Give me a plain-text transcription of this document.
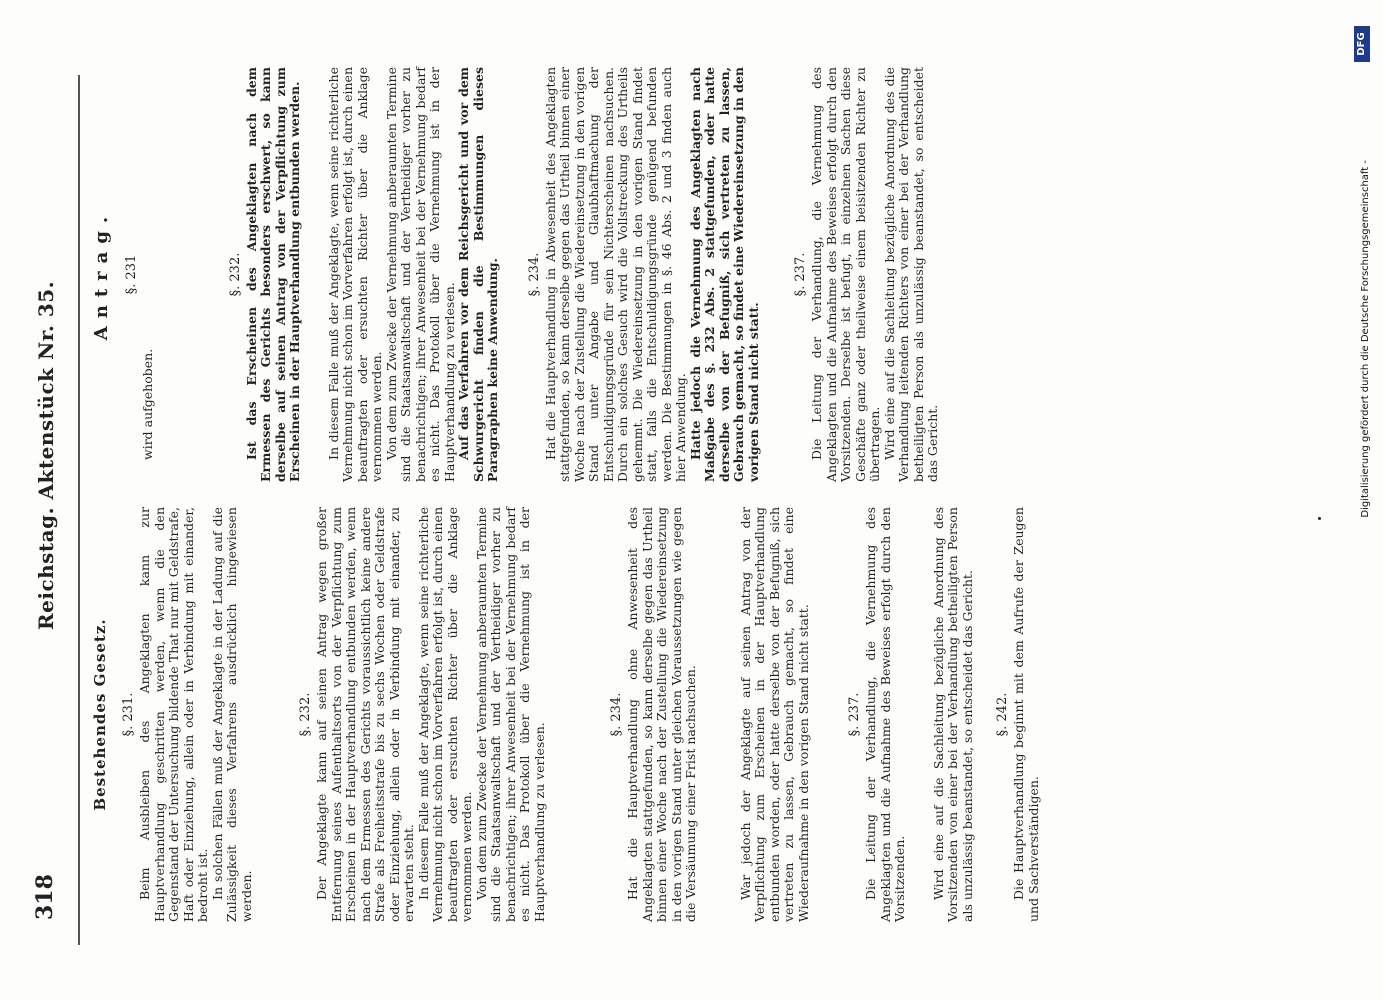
318
Reichstag. Aktenstück Nr. 35.
Bestehendes Gesetz. §. 231. Beim Ausbleiben des Angeklagten kann zur Hauptverhandlung geschritten werden, wenn die den Gegenstand der Untersuchung bildende That nur mit Geldstrafe, Haft oder Einziehung, allein oder in Verbindung mit einander, bedroht ist. In solchen Fällen muß der Angeklagte in der Ladung auf die Zulässigkeit dieses Verfahrens ausdrücklich hingewiesen werden.

§. 232. Der Angeklagte kann auf seinen Antrag wegen großer Entfernung seines Aufenthaltsorts von der Verpflichtung zum Erscheinen in der Hauptverhandlung entbunden werden, wenn nach dem Ermessen des Gerichts voraussichtlich keine andere Strafe als Freiheitsstrafe bis zu sechs Wochen oder Geldstrafe oder Einziehung, allein oder in Verbindung mit einander, zu erwarten steht. In diesem Falle muß der Angeklagte, wenn seine richterliche Vernehmung nicht schon im Vorverfahren erfolgt ist, durch einen beauftragten oder ersuchten Richter über die Anklage vernommen werden. Von dem zum Zwecke der Vernehmung anberaumten Termine sind die Staatsanwaltschaft und der Vertheidiger vorher zu benachrichtigen; ihrer Anwesenheit bei der Vernehmung bedarf es nicht. Das Protokoll über die Vernehmung ist in der Hauptverhandlung zu verlesen.

§. 234. Hat die Hauptverhandlung ohne Anwesenheit des Angeklagten stattgefunden, so kann derselbe gegen das Urtheil binnen einer Woche nach der Zustellung die Wiedereinsetzung in den vorigen Stand unter gleichen Voraussetzungen wie gegen die Versäumung einer Frist nachsuchen.	War jedoch der Angeklagte auf seinen Antrag von der Verpflichtung zum Erscheinen in der Hauptverhandlung entbunden worden, oder hatte derselbe von der Befugniß, sich vertreten zu lassen, Gebrauch gemacht, so findet eine Wiederaufnahme in den vorigen Stand nicht statt.	§. 237. Die Leitung der Verhandlung, die Vernehmung des Angeklagten und die Aufnahme des Beweises erfolgt durch den Vorsitzenden. Wird eine auf die Sachleitung bezügliche Anordnung des Vorsitzenden von einer bei der Verhandlung betheiligten Person als unzulässig beanstandet, so entscheidet das Gericht. §. 242. Die Hauptverhandlung beginnt mit dem Aufrufe der Zeugen und Sachverständigen.

Antrag. §. 231

wird aufgehoben.

§. 232. Ist das Erscheinen des Angeklagten nach dem Ermessen des Gerichts besonders erschwert, so kann derselbe auf seinen Antrag von der Verpflichtung zum Erscheinen in der Hauptverhandlung entbunden werden. In diesem Falle muß der Angeklagte, wenn seine richterliche Vernehmung nicht schon im Vorverfahren erfolgt ist, durch einen beauftragten oder ersuchten Richter über die Anklage vernommen werden. Von dem zum Zwecke der Vernehmung anberaumten Termine sind die Staatsanwaltschaft und der Vertheidiger vorher zu benachrichtigen; ihrer Anwesenheit bei der Vernehmung bedarf es nicht. Das Protokoll über die Vernehmung ist in der Hauptverhandlung zu verlesen. Auf das Verfahren vor dem Reichsgericht und vor dem Schwurgericht finden die Bestimmungen dieses Paragraphen keine Anwendung. §. 234. Hat die Hauptverhandlung in Abwesenheit des Angeklagten stattgefunden, so kann derselbe gegen das Urtheil binnen einer Woche nach der Zustellung die Wiedereinsetzung in den vorigen Stand unter Angabe und Glaubhaftmachung der Entschuldigungsgründe für sein Nichterscheinen nachsuchen. Durch ein solches Gesuch wird die Vollstreckung des Urtheils gehemmt. Die Wiedereinsetzung in den vorigen Stand findet statt, falls die Entschuldigungsgründe genügend befunden werden. Die Bestimmungen in §. 46 Abs. 2 und 3 finden auch hier Anwendung. Hatte jedoch die Vernehmung des Angeklagten nach Maßgabe des §. 232 Abs. 2 stattgefunden, oder hatte derselbe von der Befugniß, sich vertreten zu lassen, Gebrauch gemacht, so findet eine Wiedereinsetzung in den vorigen Stand nicht statt.

§. 237. Die Leitung der Verhandlung, die Vernehmung des Angeklagten und die Aufnahme des Beweises erfolgt durch den Vorsitzenden. Derselbe ist befugt, in einzelnen Sachen diese Geschäfte ganz oder theilweise einem beisitzenden Richter zu übertragen. Wird eine auf die Sachleitung bezügliche Anordnung des die Verhandlung leitenden Richters von einer bei der Verhandlung betheiligten Person als unzulässig beanstandet, so entscheidet das Gericht.	Digitalisierung gefördert durch die Deutsche Forschungsgemeinschaft -
DFG
